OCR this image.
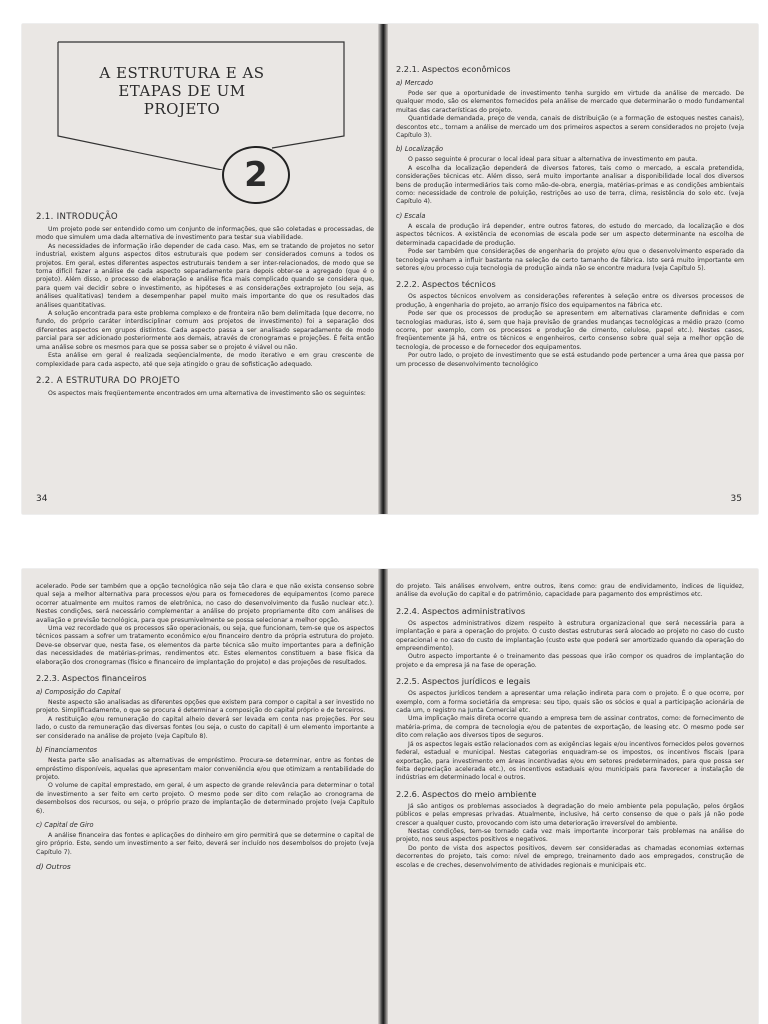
A ESTRUTURA E AS ETAPAS DE UM PROJETO
2
2.1. INTRODUÇÃO

Um projeto pode ser entendido como um conjunto de informações, que são coletadas e processadas, de modo que simulem uma dada alternativa de investimento para testar sua viabilidade.

As necessidades de informação irão depender de cada caso. Mas, em se tratando de projetos no setor industrial, existem alguns aspectos ditos estruturais que podem ser considerados comuns a todos os projetos. Em geral, estes diferentes aspectos estruturais tendem a ser inter-relacionados, de modo que se torna difícil fazer a análise de cada aspecto separadamente para depois obter-se a agregado (que é o projeto). Além disso, o processo de elaboração e análise fica mais complicado quando se considera que, para quem vai decidir sobre o investimento, as hipóteses e as considerações extraprojeto (ou seja, as análises qualitativas) tendem a desempenhar papel muito mais importante do que os resultados das análises quantitativas.

A solução encontrada para este problema complexo e de fronteira não bem delimitada (que decorre, no fundo, do próprio caráter interdisciplinar comum aos projetos de investimento) foi a separação dos diferentes aspectos em grupos distintos. Cada aspecto passa a ser analisado separadamente de modo parcial para ser adicionado posteriormente aos demais, através de cronogramas e projeções. É feita então uma análise sobre os mesmos para que se possa saber se o projeto é viável ou não.

Esta análise em geral é realizada seqüencialmente, de modo iterativo e em grau crescente de complexidade para cada aspecto, até que seja atingido o grau de sofisticação adequado.

2.2. A ESTRUTURA DO PROJETO

Os aspectos mais freqüentemente encontrados em uma alternativa de investimento são os seguintes:

34
2.2.1. Aspectos econômicos
a) Mercado

Pode ser que a oportunidade de investimento tenha surgido em virtude da análise de mercado. De qualquer modo, são os elementos fornecidos pela análise de mercado que determinarão o modo fundamental muitas das características do projeto.

Quantidade demandada, preço de venda, canais de distribuição (e a formação de estoques nestes canais), descontos etc., tornam a análise de mercado um dos primeiros aspectos a serem considerados no projeto (veja Capítulo 3).

b) Localização

O passo seguinte é procurar o local ideal para situar a alternativa de investimento em pauta.

A escolha da localização dependerá de diversos fatores, tais como o mercado, a escala pretendida, considerações técnicas etc. Além disso, será muito importante analisar a disponibilidade local dos diversos bens de produção intermediários tais como mão-de-obra, energia, matérias-primas e as condições ambientais como: necessidade de controle de poluição, restrições ao uso de terra, clima, resistência do solo etc. (veja Capítulo 4).

c) Escala

A escala de produção irá depender, entre outros fatores, do estudo do mercado, da localização e dos aspectos técnicos. A existência de economias de escala pode ser um aspecto determinante na escolha de determinada capacidade de produção.

Pode ser também que considerações de engenharia do projeto e/ou que o desenvolvimento esperado da tecnologia venham a influir bastante na seleção de certo tamanho de fábrica. Isto será muito importante em setores e/ou processo cuja tecnologia de produção ainda não se encontre madura (veja Capítulo 5).

2.2.2. Aspectos técnicos

Os aspectos técnicos envolvem as considerações referentes à seleção entre os diversos processos de produção, à engenharia do projeto, ao arranjo físico dos equipamentos na fábrica etc.

Pode ser que os processos de produção se apresentem em alternativas claramente definidas e com tecnologias maduras, isto é, sem que haja previsão de grandes mudanças tecnológicas a médio prazo (como ocorre, por exemplo, com os processos e produção de cimento, celulose, papel etc.). Nestes casos, freqüentemente já há, entre os técnicos e engenheiros, certo consenso sobre qual seja a melhor opção de tecnologia, de processo e de fornecedor dos equipamentos.

Por outro lado, o projeto de investimento que se está estudando pode pertencer a uma área que passa por um processo de desenvolvimento tecnológico

35

acelerado. Pode ser também que a opção tecnológica não seja tão clara e que não exista consenso sobre qual seja a melhor alternativa para processos e/ou para os fornecedores de equipamentos (como parece ocorrer atualmente em muitos ramos de eletrônica, no caso do desenvolvimento da fusão nuclear etc.). Nestes condições, será necessário complementar a análise do projeto propriamente dito com análises de avaliação e previsão tecnológica, para que presumivelmente se possa selecionar a melhor opção.

Uma vez recordado que os processos são operacionais, ou seja, que funcionam, tem-se que os aspectos técnicos passam a sofrer um tratamento econômico e/ou financeiro dentro da própria estrutura do projeto. Deve-se observar que, nesta fase, os elementos da parte técnica são muito importantes para a definição das necessidades de matérias-primas, rendimentos etc. Estes elementos constituem a base física da elaboração dos cronogramas (físico e financeiro de implantação do projeto) e das projeções de resultados.

2.2.3. Aspectos financeiros
a) Composição do Capital

Neste aspecto são analisadas as diferentes opções que existem para compor o capital a ser investido no projeto. Simplificadamente, o que se procura é determinar a composição do capital próprio e de terceiros.

A restituição e/ou remuneração do capital alheio deverá ser levada em conta nas projeções. Por seu lado, o custo da remuneração das diversas fontes (ou seja, o custo do capital) é um elemento importante a ser considerado na análise de projeto (veja Capítulo 8).

b) Financiamentos

Nesta parte são analisadas as alternativas de empréstimo. Procura-se determinar, entre as fontes de empréstimo disponíveis, aquelas que apresentam maior conveniência e/ou que otimizam a rentabilidade do projeto.

O volume de capital emprestado, em geral, é um aspecto de grande relevância para determinar o total de investimento a ser feito em certo projeto. O mesmo pode ser dito com relação ao cronograma de desembolsos dos recursos, ou seja, o próprio prazo de implantação de determinado projeto (veja Capítulo 6).

c) Capital de Giro

A análise financeira das fontes e aplicações do dinheiro em giro permitirá que se determine o capital de giro próprio. Este, sendo um investimento a ser feito, deverá ser incluído nos desembolsos do projeto (veja Capítulo 7).

d) Outros

do projeto. Tais análises envolvem, entre outros, itens como: grau de endividamento, índices de liquidez, análise da evolução do capital e do patrimônio, capacidade para pagamento dos empréstimos etc.

2.2.4. Aspectos administrativos

Os aspectos administrativos dizem respeito à estrutura organizacional que será necessária para a implantação e para a operação do projeto. O custo destas estruturas será alocado ao projeto no caso do custo operacional e no caso do custo de implantação (custo este que poderá ser amortizado quando da operação do empreendimento).

Outro aspecto importante é o treinamento das pessoas que irão compor os quadros de implantação do projeto e da empresa já na fase de operação.

2.2.5. Aspectos jurídicos e legais

Os aspectos jurídicos tendem a apresentar uma relação indireta para com o projeto. É o que ocorre, por exemplo, com a forma societária da empresa: seu tipo, quais são os sócios e qual a participação acionária de cada um, o registro na Junta Comercial etc.

Uma implicação mais direta ocorre quando a empresa tem de assinar contratos, como: de fornecimento de matéria-prima, de compra de tecnologia e/ou de patentes de exportação, de leasing etc. O mesmo pode ser dito com relação aos diversos tipos de seguros.

Já os aspectos legais estão relacionados com as exigências legais e/ou incentivos fornecidos pelos governos federal, estadual e municipal. Nestas categorias enquadram-se os impostos, os incentivos fiscais (para exportação, para investimento em áreas incentivadas e/ou em setores predeterminados, para que possa ser feita depreciação acelerada etc.), os incentivos estaduais e/ou municipais para favorecer a instalação de indústrias em determinado local e outros.

2.2.6. Aspectos do meio ambiente

Já são antigos os problemas associados à degradação do meio ambiente pela população, pelos órgãos públicos e pelas empresas privadas. Atualmente, inclusive, há certo consenso de que o país já não pode crescer a qualquer custo, provocando com isto uma deterioração irreversível do ambiente.

Nestas condições, tem-se tornado cada vez mais importante incorporar tais problemas na análise do projeto, nos seus aspectos positivos e negativos.

Do ponto de vista dos aspectos positivos, devem ser consideradas as chamadas economias externas decorrentes do projeto, tais como: nível de emprego, treinamento dado aos empregados, construção de escolas e de creches, desenvolvimento de atividades regionais e municipais etc.
